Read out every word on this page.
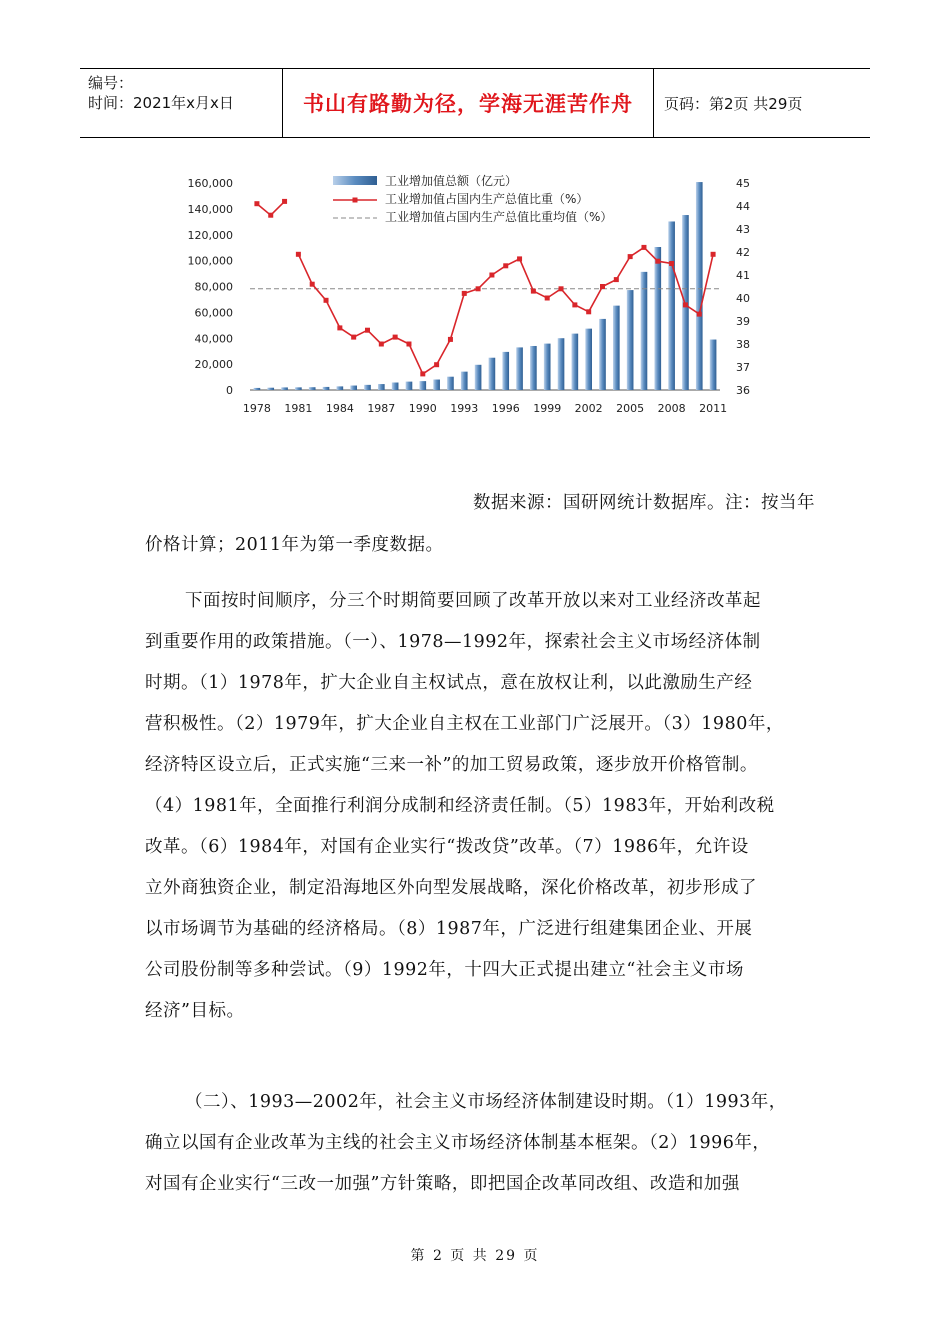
编号：
时间：2021年x月x日	书山有路勤为径，学海无涯苦作舟 页码：第2页 共29页
0
20,000
40,000
60,000
80,000
100,000
120,000
140,000
160,000
36
37
38
39
40
41
42
43
44
45
1978 1981 1984 1987 1990 1993 1996 1999 2002 2005 2008 2011
工业增加值总额（亿元）
工业增加值占国内生产总值比重（%）
工业增加值占国内生产总值比重均值（%）
数据来源：国研网统计数据库。注：按当年
价格计算；2011年为第一季度数据。
下面按时间顺序，分三个时期简要回顾了改革开放以来对工业经济改革起
到重要作用的政策措施。（一）、1978—1992年，探索社会主义市场经济体制
时期。（1）1978年，扩大企业自主权试点，意在放权让利，以此激励生产经
营积极性。（2）1979年，扩大企业自主权在工业部门广泛展开。（3）1980年，
经济特区设立后，正式实施“三来一补”的加工贸易政策，逐步放开价格管制。
（4）1981年，全面推行利润分成制和经济责任制。（5）1983年，开始利改税
改革。（6）1984年，对国有企业实行“拨改贷”改革。（7）1986年，允许设
立外商独资企业，制定沿海地区外向型发展战略，深化价格改革，初步形成了
以市场调节为基础的经济格局。（8）1987年，广泛进行组建集团企业、开展
公司股份制等多种尝试。（9）1992年，十四大正式提出建立“社会主义市场
经济”目标。
（二）、1993—2002年，社会主义市场经济体制建设时期。（1）1993年，
确立以国有企业改革为主线的社会主义市场经济体制基本框架。（2）1996年，
对国有企业实行“三改一加强”方针策略，即把国企改革同改组、改造和加强
第 2 页 共 29 页
